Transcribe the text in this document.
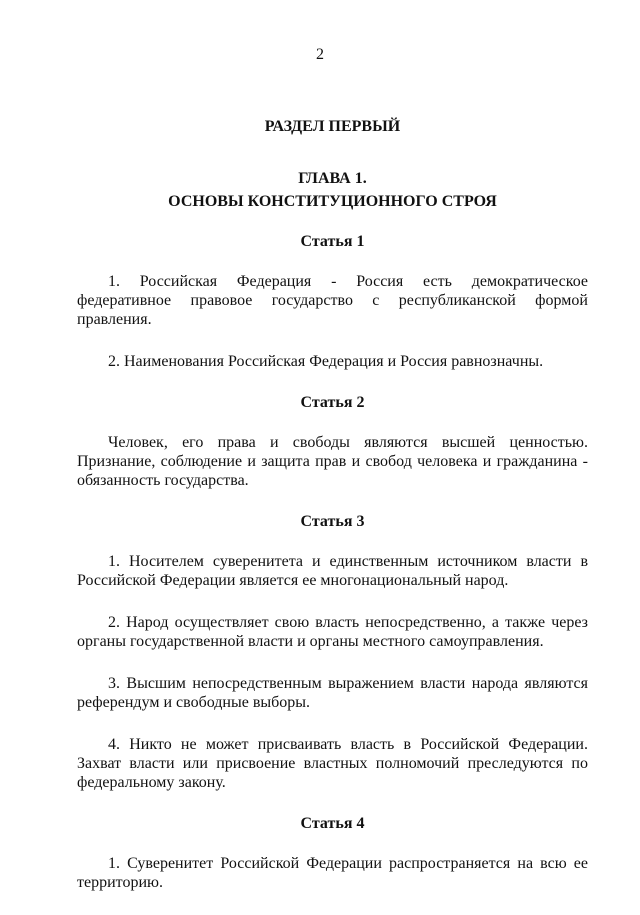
2
РАЗДЕЛ ПЕРВЫЙ
ГЛАВА 1.
ОСНОВЫ КОНСТИТУЦИОННОГО СТРОЯ
Статья 1

1. Российская Федерация - Россия есть демократическое федеративное правовое государство с республиканской формой правления.

2. Наименования Российская Федерация и Россия равнозначны.

Статья 2

Человек, его права и свободы являются высшей ценностью. Признание, соблюдение и защита прав и свобод человека и гражданина - обязанность государства.

Статья 3

1. Носителем суверенитета и единственным источником власти в Российской Федерации является ее многонациональный народ.

2. Народ осуществляет свою власть непосредственно, а также через органы государственной власти и органы местного самоуправления.

3. Высшим непосредственным выражением власти народа являются референдум и свободные выборы.

4. Никто не может присваивать власть в Российской Федерации. Захват власти или присвоение властных полномочий преследуются по федеральному закону.

Статья 4

1. Суверенитет Российской Федерации распространяется на всю ее территорию.
